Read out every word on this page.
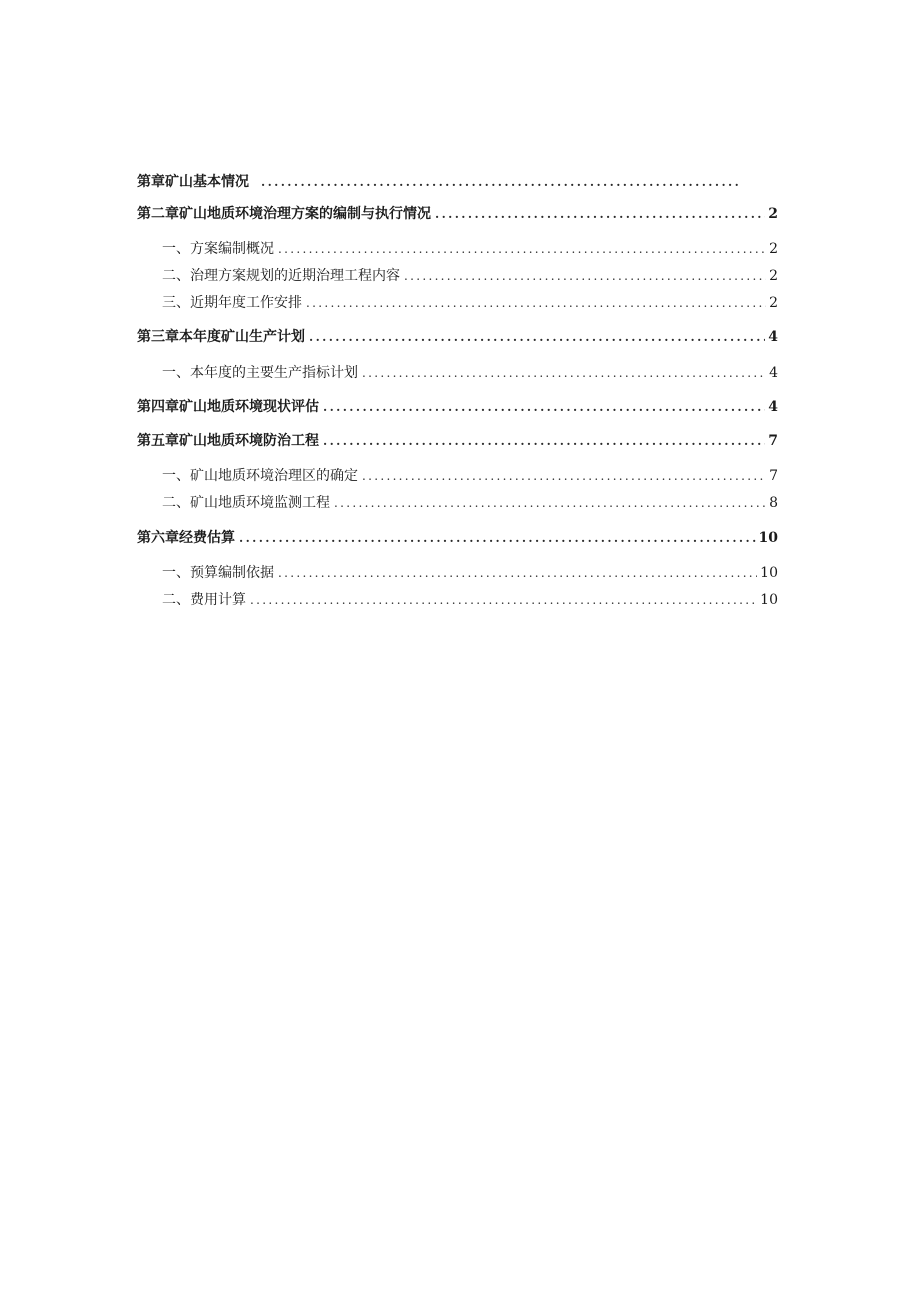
第章矿山基本情况
.....
第二章矿山地质环境治理方案的编制与执行情况 .....	2
一、方案编制概况 .....	2
二、治理方案规划的近期治理工程内容 .....	2
三、近期年度工作安排 .....	2
第三章本年度矿山生产计划 .....	4
一、本年度的主要生产指标计划 .....	4
第四章矿山地质环境现状评估 .....	4
第五章矿山地质环境防治工程 .....	7
一、矿山地质环境治理区的确定 .....	7
二、矿山地质环境监测工程 .....	8
第六章经费估算 .....	10
一、预算编制依据 .....	10
二、费用计算 .....	10
